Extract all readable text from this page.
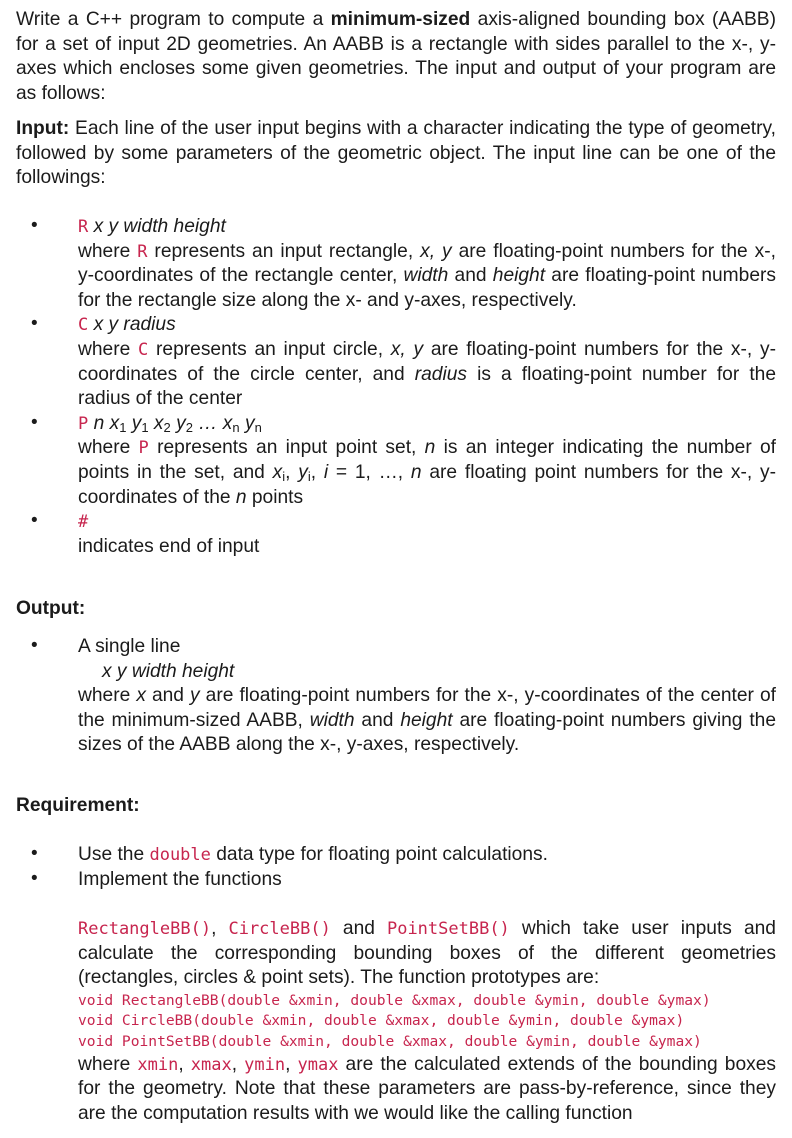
Write a C++ program to compute a minimum-sized axis-aligned bounding box (AABB) for a set of input 2D geometries. An AABB is a rectangle with sides parallel to the x-, y-axes which encloses some given geometries. The input and output of your program are as follows:

Input: Each line of the user input begins with a character indicating the type of geometry, followed by some parameters of the geometric object. The input line can be one of the followings:

• R x y width height

where R represents an input rectangle, x, y are floating-point numbers for the x-, y-coordinates of the rectangle center, width and height are floating-point numbers for the rectangle size along the x- and y-axes, respectively.

• C x y radius

where C represents an input circle, x, y are floating-point numbers for the x-, y-coordinates of the circle center, and radius is a floating-point number for the radius of the center

• P n $x_1$ $y_1$ $x_2$ $y_2$ … $x_n$ $y_n$

where P represents an input point set, n is an integer indicating the number of points in the set, and $x_i$, $y_i$, i = 1, …, n are floating point numbers for the x-, y-coordinates of the n points

• #

indicates end of input

Output:

• A single line

x y width height

where x and y are floating-point numbers for the x-, y-coordinates of the center of the minimum-sized AABB, width and height are floating-point numbers giving the sizes of the AABB along the x-, y-axes, respectively.

Requirement:

• Use the double data type for floating point calculations.

• Implement the functions

RectangleBB(), CircleBB() and PointSetBB() which take user inputs and calculate the corresponding bounding boxes of the different geometries (rectangles, circles & point sets). The function prototypes are:

void RectangleBB(double &xmin, double &xmax, double &ymin, double &ymax)
void CircleBB(double &xmin, double &xmax, double &ymin, double &ymax)
void PointSetBB(double &xmin, double &xmax, double &ymin, double &ymax)

where xmin, xmax, ymin, ymax are the calculated extends of the bounding boxes for the geometry. Note that these parameters are pass-by-reference, since they are the computation results with we would like the calling function
